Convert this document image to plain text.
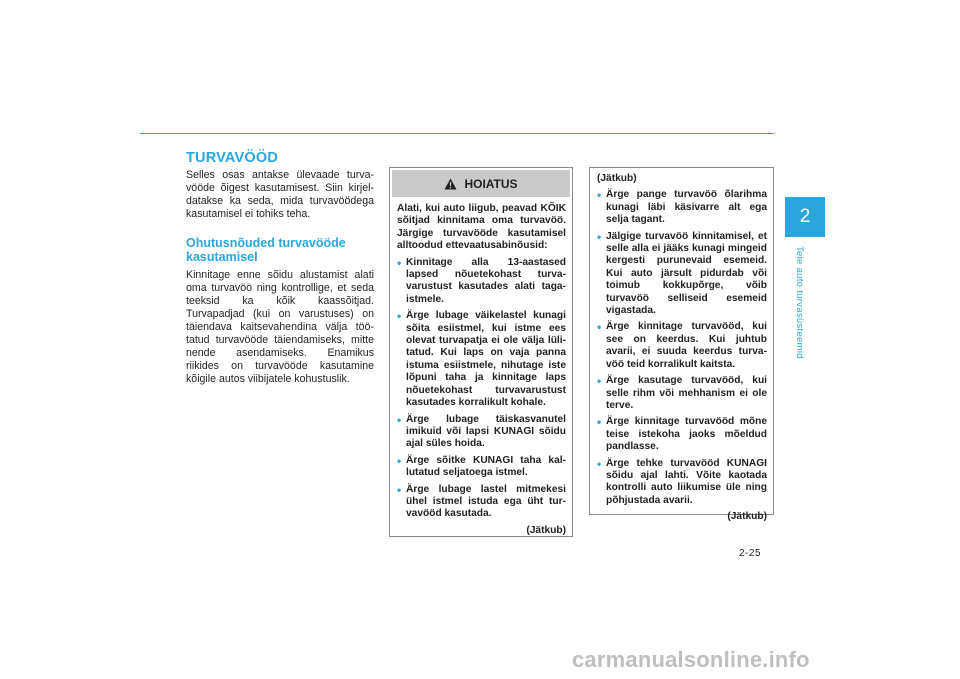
2
Teie auto turvasüsteemid
TURVAVÖÖD

Selles osas antakse ülevaade turvavööde õigest kasutamisest. Siin kirjeldatakse ka seda, mida turvavöödega kasutamisel ei tohiks teha.

Ohutusnõuded turvavööde kasutamisel

Kinnitage enne sõidu alustamist alati oma turvavöö ning kontrollige, et seda teeksid ka kõik kaassõitjad. Turvapadjad (kui on varustuses) on täiendava kaitsevahendina välja töötatud turvavööde täiendamiseks, mitte nende asendamiseks. Enamikus riikides on turvavööde kasutamine kõigile autos viibijatele kohustuslik.

HOIATUS

Alati, kui auto liigub, peavad KÕIK sõitjad kinnitama oma turvavöö. Järgige turvavööde kasutamisel alltoodud ettevaatusabinõusid:

• Kinnitage alla 13-aastased lapsed nõuetekohast turvavarustust kasutades alati tagaistmele.
• Ärge lubage väikelastel kunagi sõita esiistmel, kui istme ees olevat turvapatja ei ole välja lülitatud. Kui laps on vaja panna istuma esiistmele, nihutage iste lõpuni taha ja kinnitage laps nõuetekohast turvavarustust kasutades korralikult kohale.
• Ärge lubage täiskasvanutel imikuid või lapsi KUNAGI sõidu ajal süles hoida.
• Ärge sõitke KUNAGI taha kallutatud seljatoega istmel.
• Ärge lubage lastel mitmekesi ühel istmel istuda ega üht turvavööd kasutada.
(Jätkub)

(Jätkub)

• Ärge pange turvavöö õlarihma kunagi läbi käsivarre alt ega selja tagant.
• Jälgige turvavöö kinnitamisel, et selle alla ei jääks kunagi mingeid kergesti purunevaid esemeid. Kui auto järsult pidurdab või toimub kokkupõrge, võib turvavöö selliseid esemeid vigastada.
• Ärge kinnitage turvavööd, kui see on keerdus. Kui juhtub avarii, ei suuda keerdus turvavöö teid korralikult kaitsta.
• Ärge kasutage turvavööd, kui selle rihm või mehhanism ei ole terve.
• Ärge kinnitage turvavööd mõne teise istekoha jaoks mõeldud pandlasse.
• Ärge tehke turvavööd KUNAGI sõidu ajal lahti. Võite kaotada kontrolli auto liikumise üle ning põhjustada avarii.
(Jätkub)
2-25
carmanualsonline.info
